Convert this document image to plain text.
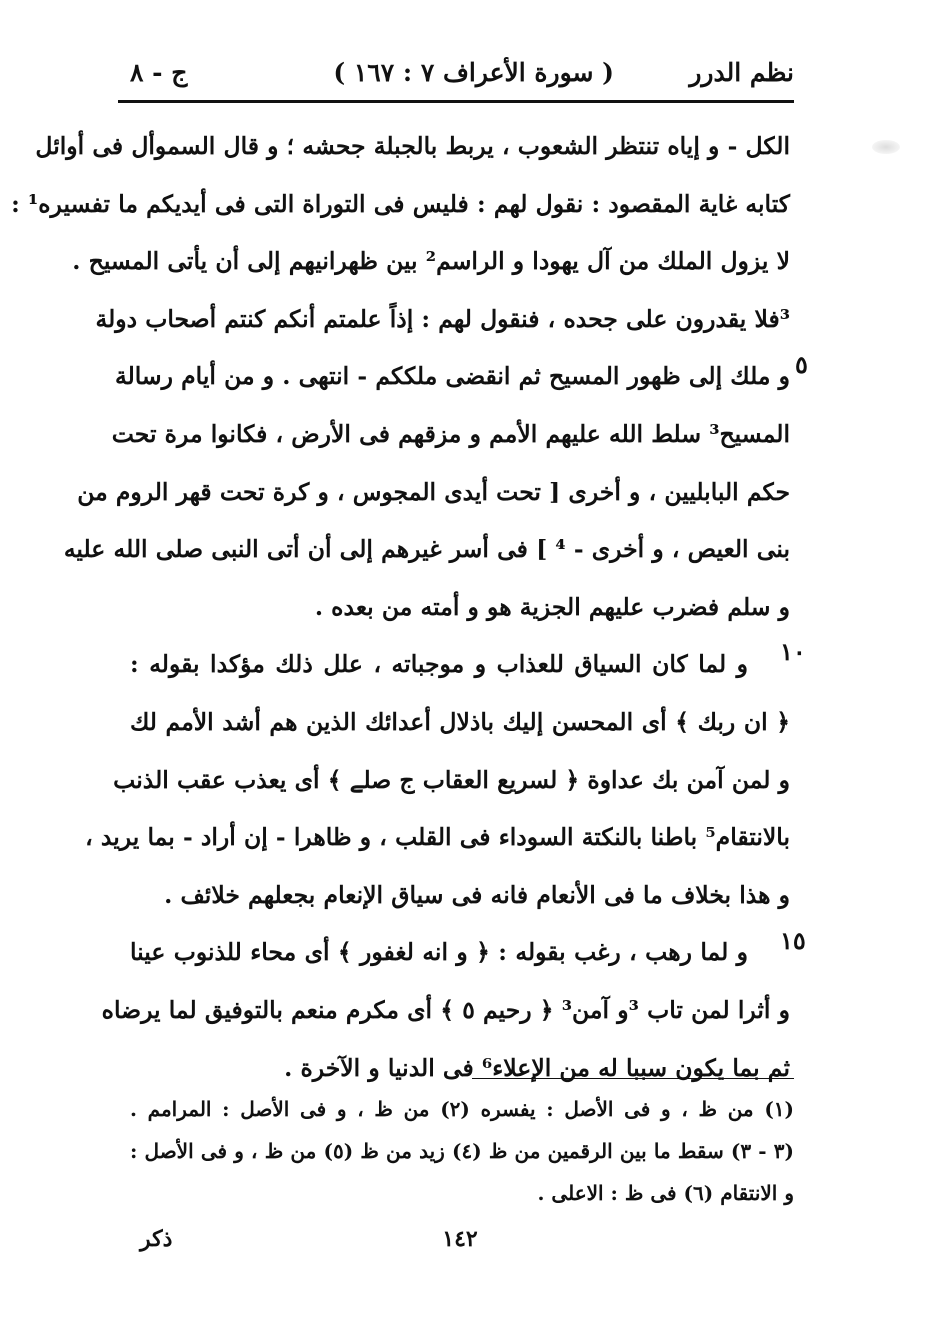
نظم الدرر
( سورة الأعراف ٧ : ١٦٧ )
ج - ٨
٥
١٠
١٥
الكل - و إياه تنتظر الشعوب ، يربط بالجبلة جحشه ؛ و قال السموأل فى أوائل
كتابه غاية المقصود : نقول لهم : فليس فى التوراة التى فى أيديكم ما تفسيره¹ :
لا يزول الملك من آل يهودا و الراسم² بين ظهرانيهم إلى أن يأتى المسيح .
³فلا يقدرون على جحده ، فنقول لهم : إذاً علمتم أنكم كنتم أصحاب دولة
و ملك إلى ظهور المسيح ثم انقضى ملككم - انتهى . و من أيام رسالة
المسيح³ سلط الله عليهم الأمم و مزقهم فى الأرض ، فكانوا مرة تحت
حكم البابليين ، و أخرى [ تحت أيدى المجوس ، و كرة تحت قهر الروم من
بنى العيص ، و أخرى - ⁴ ] فى أسر غيرهم إلى أن أتى النبى صلى الله عليه
و سلم فضرب عليهم الجزية هو و أمته من بعده .
و لما كان السياق للعذاب و موجباته ، علل ذلك مؤكدا بقوله :
﴿ ان ربك ﴾ أى المحسن إليك باذلال أعدائك الذين هم أشد الأمم لك
و لمن آمن بك عداوة ﴿ لسريع العقاب ج صلے ﴾ أى يعذب عقب الذنب
بالانتقام⁵ باطنا بالنكتة السوداء فى القلب ، و ظاهرا - إن أراد - بما يريد ،
و هذا بخلاف ما فى الأنعام فانه فى سياق الإنعام بجعلهم خلائف .
و لما رهب ، رغب بقوله : ﴿ و انه لغفور ﴾ أى محاء للذنوب عينا
و أثرا لمن تاب ³و آمن³ ﴿ رحيم ٥ ﴾ أى مكرم منعم بالتوفيق لما يرضاه
ثم بما يكون سببا له من الإعلاء⁶ فى الدنيا و الآخرة .
(١) من ظ ، و فى الأصل : يفسره (٢) من ظ ، و فى الأصل : المرامم .
(٣ - ٣) سقط ما بين الرقمين من ظ (٤) زيد من ظ (٥) من ظ ، و فى الأصل :
و الانتقام (٦) فى ظ : الاعلى .
١٤٢
ذكر
